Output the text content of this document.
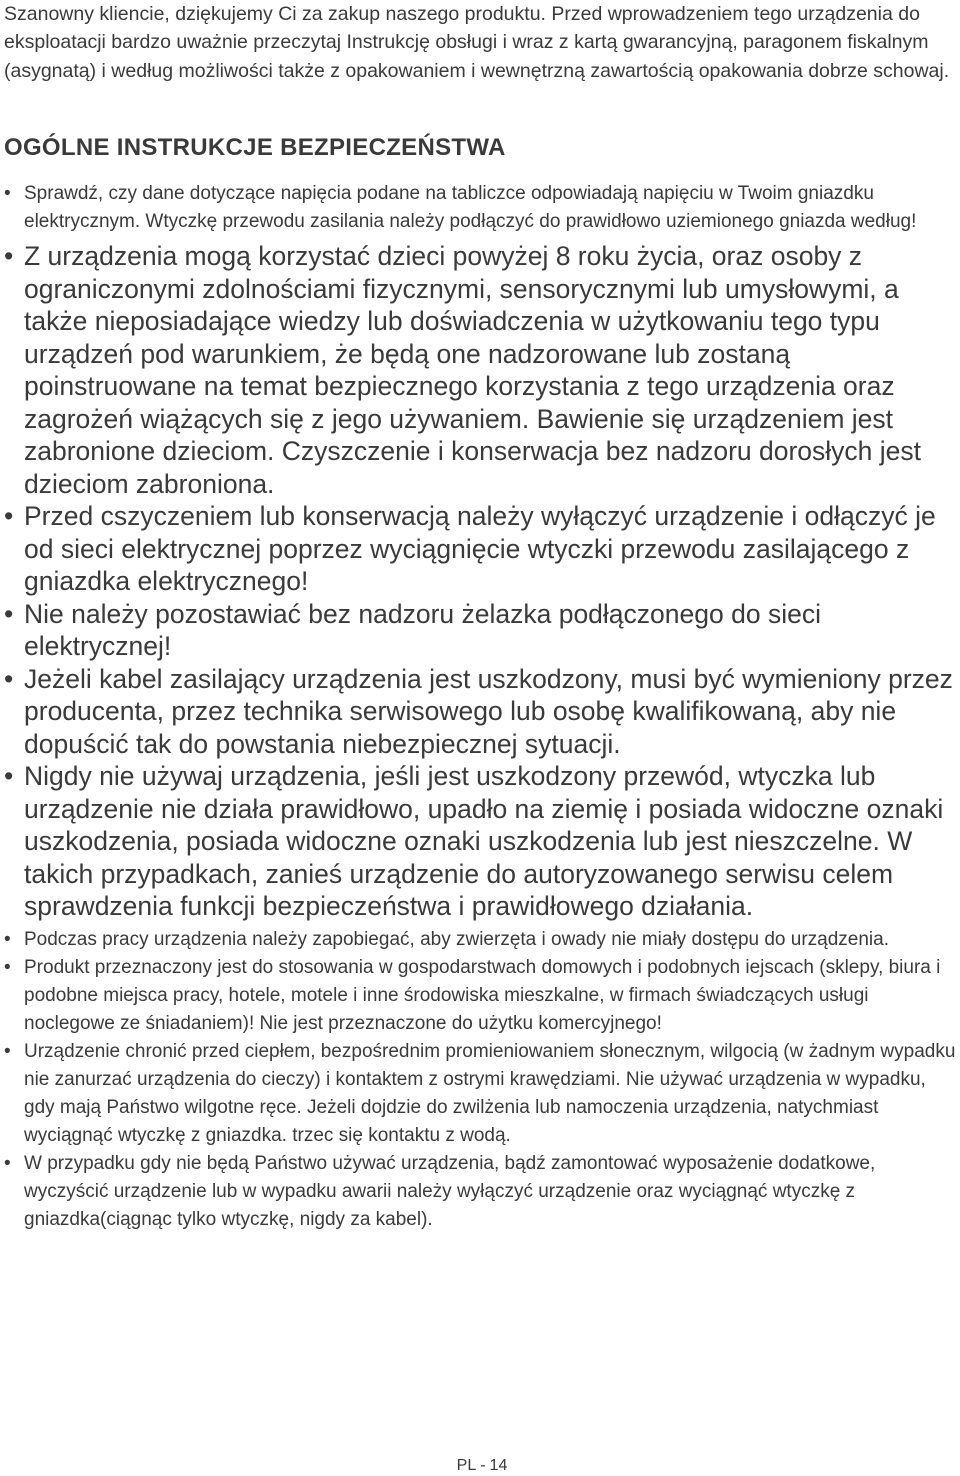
Szanowny kliencie, dziękujemy Ci za zakup naszego produktu. Przed wprowadzeniem tego urządzenia do eksploatacji bardzo uważnie przeczytaj Instrukcję obsługi i wraz z kartą gwarancyjną, paragonem fiskalnym (asygnatą) i według możliwości także z opakowaniem i wewnętrzną zawartością opakowania dobrze schowaj.

OGÓLNE INSTRUKCJE BEZPIECZEŃSTWA
• Sprawdź, czy dane dotyczące napięcia podane na tabliczce odpowiadają napięciu w Twoim gniazdku elektrycznym. Wtyczkę przewodu zasilania należy podłączyć do prawidłowo uziemionego gniazda według!
• Z urządzenia mogą korzystać dzieci powyżej 8 roku życia, oraz osoby z ograniczonymi zdolnościami fizycznymi, sensorycznymi lub umysłowymi, a także nieposiadające wiedzy lub doświadczenia w użytkowaniu tego typu urządzeń pod warunkiem, że będą one nadzorowane lub zostaną poinstruowane na temat bezpiecznego korzystania z tego urządzenia oraz zagrożeń wiążących się z jego używaniem. Bawienie się urządzeniem jest zabronione dzieciom. Czyszczenie i konserwacja bez nadzoru dorosłych jest dzieciom zabroniona.
• Przed cszyczeniem lub konserwacją należy wyłączyć urządzenie i odłączyć je od sieci elektrycznej poprzez wyciągnięcie wtyczki przewodu zasilającego z gniazdka elektrycznego!
• Nie należy pozostawiać bez nadzoru żelazka podłączonego do sieci elektrycznej!
• Jeżeli kabel zasilający urządzenia jest uszkodzony, musi być wymieniony przez producenta, przez technika serwisowego lub osobę kwalifikowaną, aby nie dopuścić tak do powstania niebezpiecznej sytuacji.
• Nigdy nie używaj urządzenia, jeśli jest uszkodzony przewód, wtyczka lub urządzenie nie działa prawidłowo, upadło na ziemię i posiada widoczne oznaki uszkodzenia, posiada widoczne oznaki uszkodzenia lub jest nieszczelne. W takich przypadkach, zanieś urządzenie do autoryzowanego serwisu celem sprawdzenia funkcji bezpieczeństwa i prawidłowego działania.
• Podczas pracy urządzenia należy zapobiegać, aby zwierzęta i owady nie miały dostępu do urządzenia.
• Produkt przeznaczony jest do stosowania w gospodarstwach domowych i podobnych iejscach (sklepy, biura i podobne miejsca pracy, hotele, motele i inne środowiska mieszkalne, w firmach świadczących usługi noclegowe ze śniadaniem)! Nie jest przeznaczone do użytku komercyjnego!
• Urządzenie chronić przed ciepłem, bezpośrednim promieniowaniem słonecznym, wilgocią (w żadnym wypadku nie zanurzać urządzenia do cieczy) i kontaktem z ostrymi krawędziami. Nie używać urządzenia w wypadku, gdy mają Państwo wilgotne ręce. Jeżeli dojdzie do zwilżenia lub namoczenia urządzenia, natychmiast wyciągnąć wtyczkę z gniazdka. trzec się kontaktu z wodą.
• W przypadku gdy nie będą Państwo używać urządzenia, bądź zamontować wyposażenie dodatkowe, wyczyścić urządzenie lub w wypadku awarii należy wyłączyć urządzenie oraz wyciągnąć wtyczkę z gniazdka(ciągnąc tylko wtyczkę, nigdy za kabel).
PL - 14
